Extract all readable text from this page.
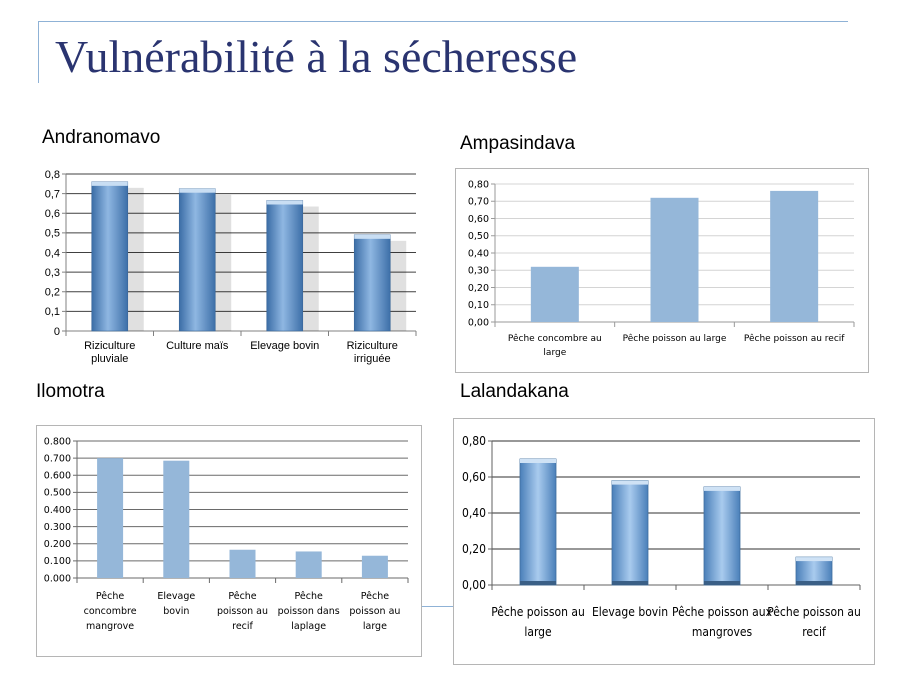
Vulnérabilité à la sécheresse
Andranomavo	Ampasindava
Ilomotra	Lalandakana
0
0,1
0,2
0,3
0,4
0,5
0,6
0,7
0,8
Riziculture pluviale
Culture maïs Elevage bovin Riziculture irriguée
0,00
0,10
0,20
0,30
0,40
0,50
0,60
0,70
0,80
Pêche concombre au large
Pêche poisson au large Pêche poisson au recif
0.000
0.100
0.200
0.300
0.400
0.500
0.600
0.700
0.800
Pêche concombre mangrove
Elevage bovin
Pêche poisson au recif
Pêche poisson dans laplage
Pêche poisson au large
0,00
0,20
0,40
0,60
0,80
Pêche poisson au large
Elevage bovin Pêche poisson aux mangroves
Pêche poisson au recif
